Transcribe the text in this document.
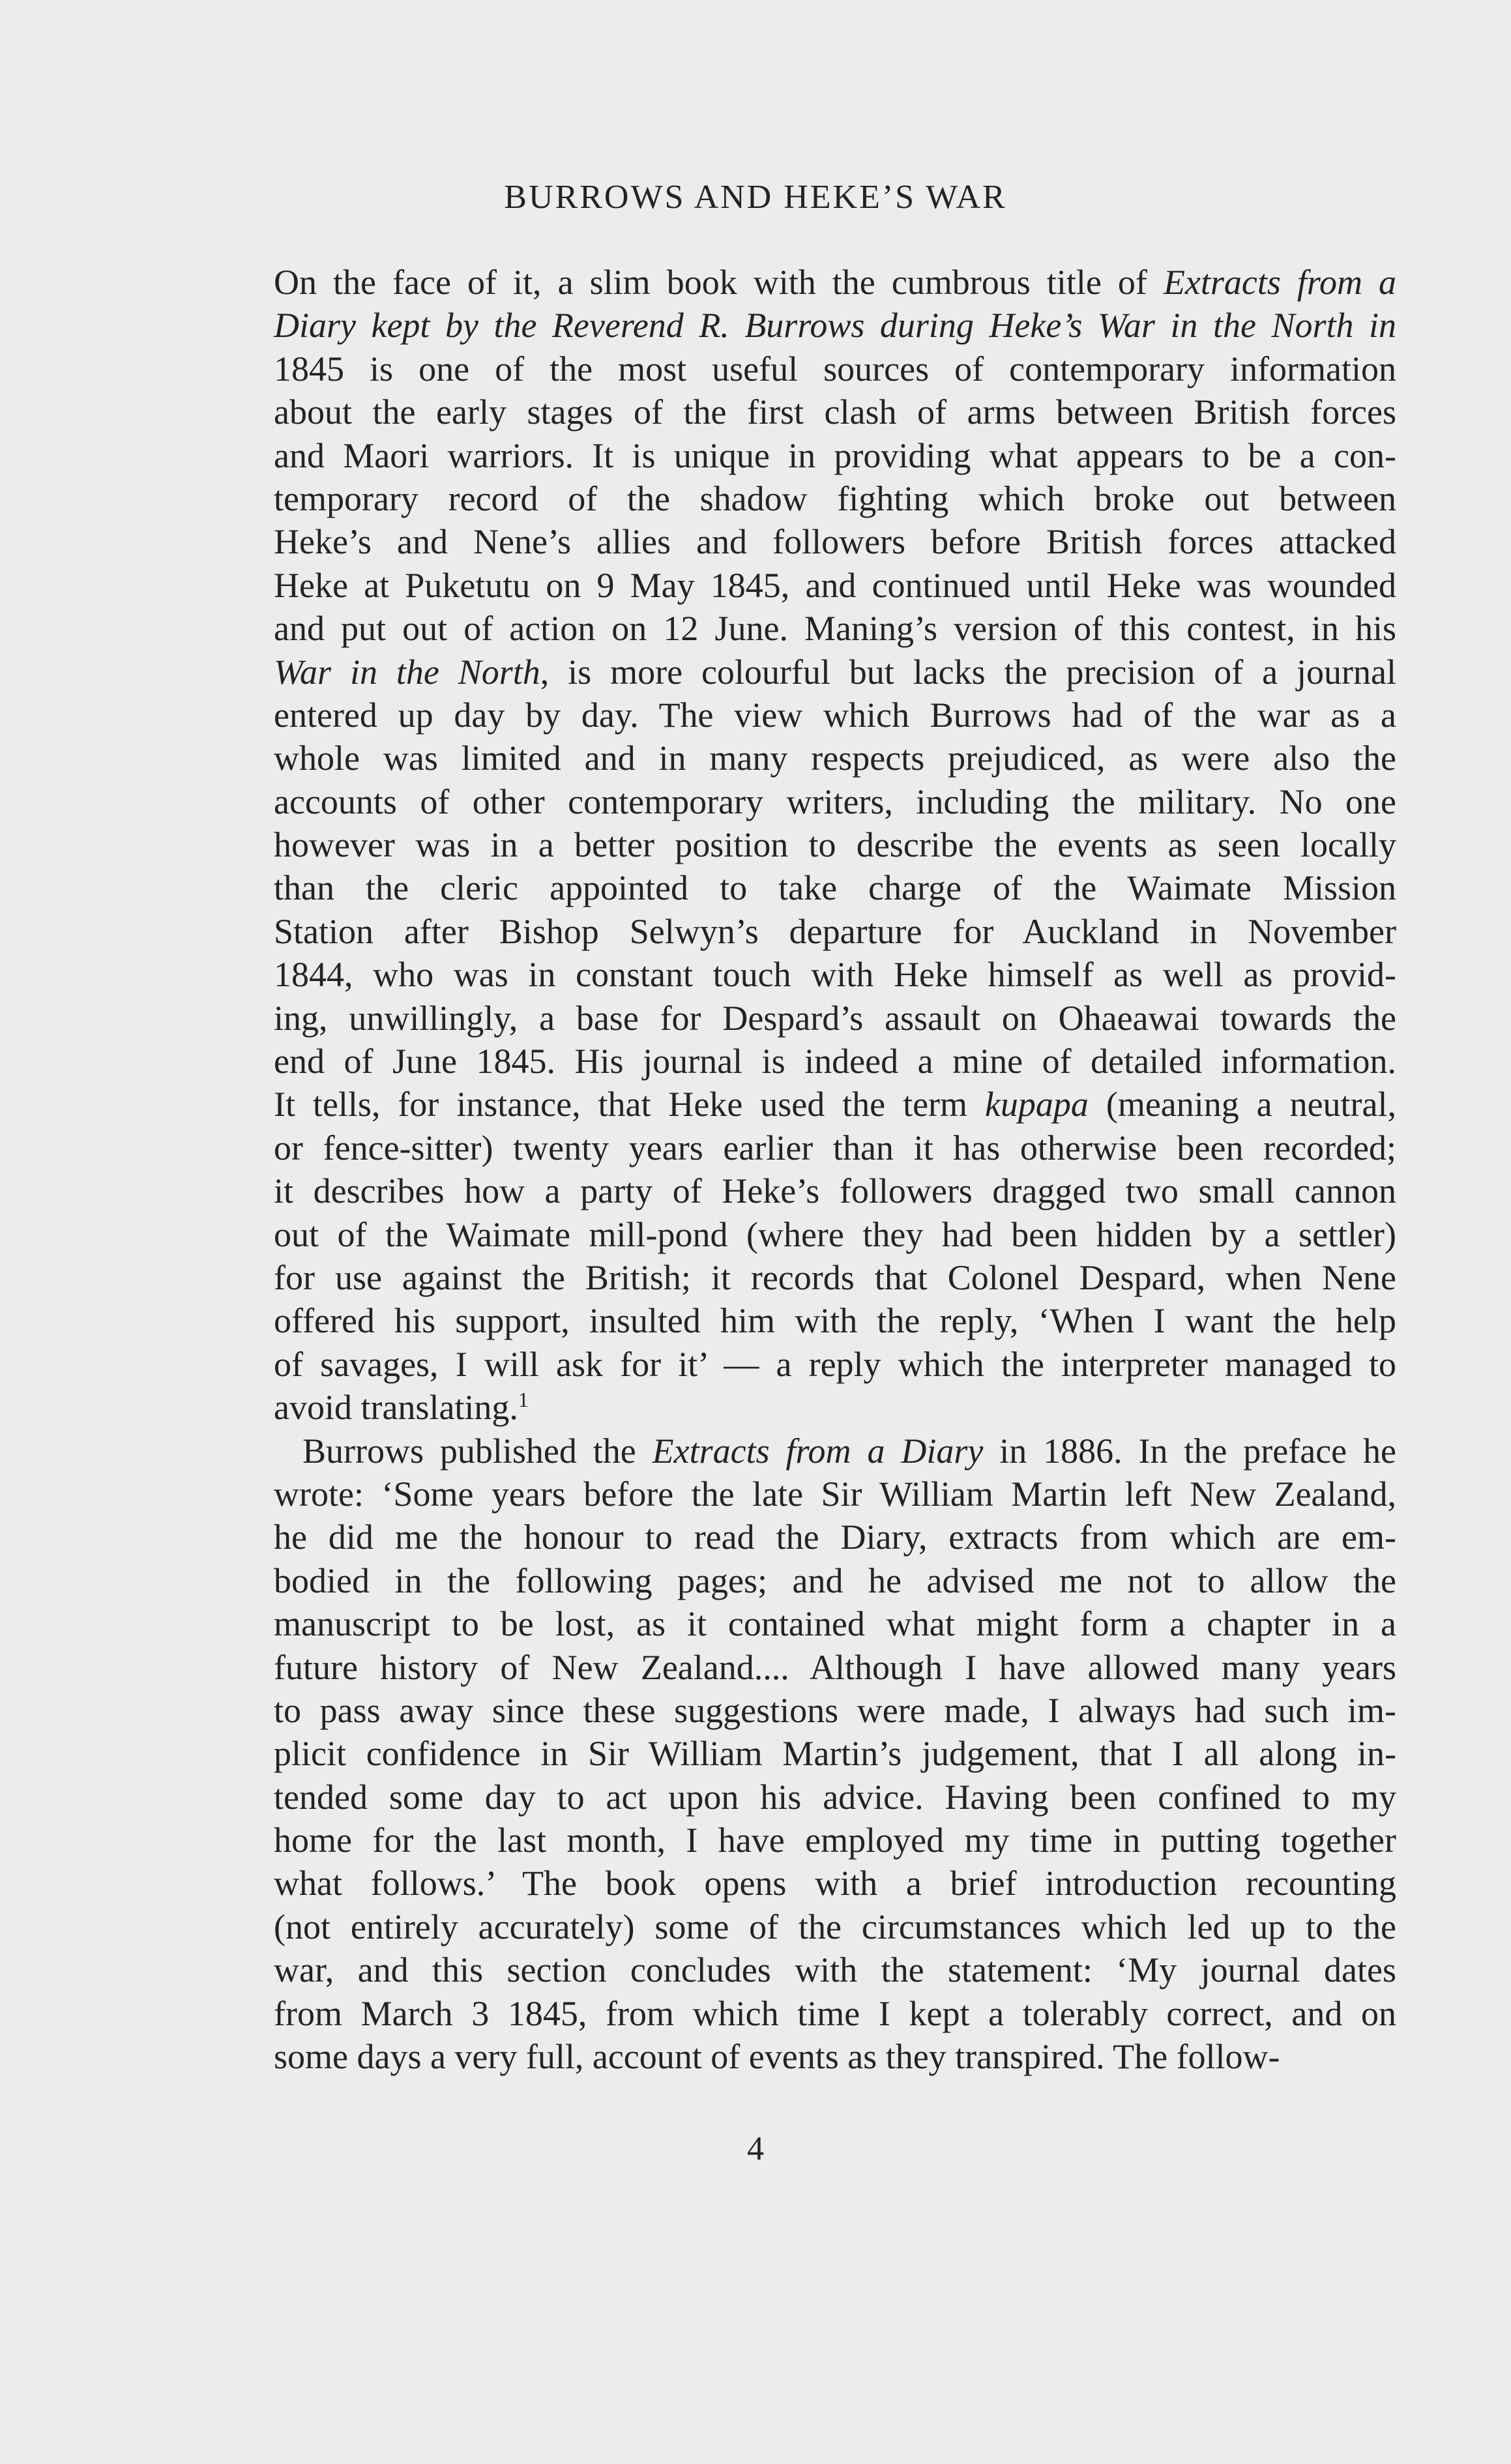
BURROWS AND HEKE’S WAR
On the face of it, a slim book with the cumbrous title of Extracts from a
Diary kept by the Reverend R. Burrows during Heke’s War in the North in
1845 is one of the most useful sources of contemporary information
about the early stages of the first clash of arms between British forces
and Maori warriors. It is unique in providing what appears to be a con-
temporary record of the shadow fighting which broke out between
Heke’s and Nene’s allies and followers before British forces attacked
Heke at Puketutu on 9 May 1845, and continued until Heke was wounded
and put out of action on 12 June. Maning’s version of this contest, in his
War in the North, is more colourful but lacks the precision of a journal
entered up day by day. The view which Burrows had of the war as a
whole was limited and in many respects prejudiced, as were also the
accounts of other contemporary writers, including the military. No one
however was in a better position to describe the events as seen locally
than the cleric appointed to take charge of the Waimate Mission
Station after Bishop Selwyn’s departure for Auckland in November
1844, who was in constant touch with Heke himself as well as provid-
ing, unwillingly, a base for Despard’s assault on Ohaeawai towards the
end of June 1845. His journal is indeed a mine of detailed information.
It tells, for instance, that Heke used the term kupapa (meaning a neutral,
or fence-sitter) twenty years earlier than it has otherwise been recorded;
it describes how a party of Heke’s followers dragged two small cannon
out of the Waimate mill-pond (where they had been hidden by a settler)
for use against the British; it records that Colonel Despard, when Nene
offered his support, insulted him with the reply, ‘When I want the help
of savages, I will ask for it’ — a reply which the interpreter managed to
avoid translating.$^1$
Burrows published the Extracts from a Diary in 1886. In the preface he
wrote: ‘Some years before the late Sir William Martin left New Zealand,
he did me the honour to read the Diary, extracts from which are em-
bodied in the following pages; and he advised me not to allow the
manuscript to be lost, as it contained what might form a chapter in a
future history of New Zealand.... Although I have allowed many years
to pass away since these suggestions were made, I always had such im-
plicit confidence in Sir William Martin’s judgement, that I all along in-
tended some day to act upon his advice. Having been confined to my
home for the last month, I have employed my time in putting together
what follows.’ The book opens with a brief introduction recounting
(not entirely accurately) some of the circumstances which led up to the
war, and this section concludes with the statement: ‘My journal dates
from March 3 1845, from which time I kept a tolerably correct, and on
some days a very full, account of events as they transpired. The follow-
4
